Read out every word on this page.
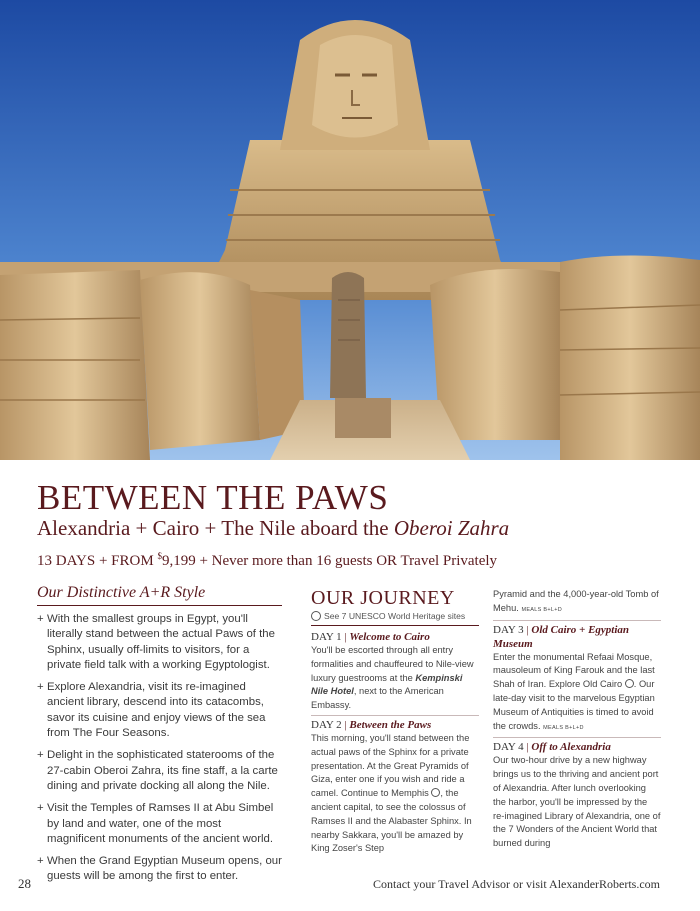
BETWEEN THE PAWS
Alexandria + Cairo + The Nile aboard the Oberoi Zahra
13 DAYS + FROM $9,199 + Never more than 16 guests OR Travel Privately
Our Distinctive A+R Style
+ With the smallest groups in Egypt, you'll literally stand between the actual Paws of the Sphinx, usually off-limits to visitors, for a private field talk with a working Egyptologist.
+ Explore Alexandria, visit its re-imagined ancient library, descend into its catacombs, savor its cuisine and enjoy views of the sea from The Four Seasons.
+ Delight in the sophisticated staterooms of the 27-cabin Oberoi Zahra, its fine staff, a la carte dining and private docking all along the Nile.
+ Visit the Temples of Ramses II at Abu Simbel by land and water, one of the most magnificent monuments of the ancient world.
+ When the Grand Egyptian Museum opens, our guests will be among the first to enter.
OUR JOURNEY
See 7 UNESCO World Heritage sites
DAY 1 | Welcome to Cairo

You'll be escorted through all entry formalities and chauffeured to Nile-view luxury guestrooms at the Kempinski Nile Hotel, next to the American Embassy.

DAY 2 | Between the Paws

This morning, you'll stand between the actual paws of the Sphinx for a private presentation. At the Great Pyramids of Giza, enter one if you wish and ride a camel. Continue to Memphis , the ancient capital, to see the colossus of Ramses II and the Alabaster Sphinx. In nearby Sakkara, you'll be amazed by King Zoser's Step

Pyramid and the 4,000-year-old Tomb of Mehu. MEALS B+L+D

DAY 3 | Old Cairo + Egyptian Museum

Enter the monumental Refaai Mosque, mausoleum of King Farouk and the last Shah of Iran. Explore Old Cairo . Our late-day visit to the marvelous Egyptian Museum of Antiquities is timed to avoid the crowds. MEALS B+L+D

DAY 4 | Off to Alexandria

Our two-hour drive by a new highway brings us to the thriving and ancient port of Alexandria. After lunch overlooking the harbor, you'll be impressed by the re-imagined Library of Alexandria, one of the 7 Wonders of the Ancient World that burned during

28	Contact your Travel Advisor or visit AlexanderRoberts.com
